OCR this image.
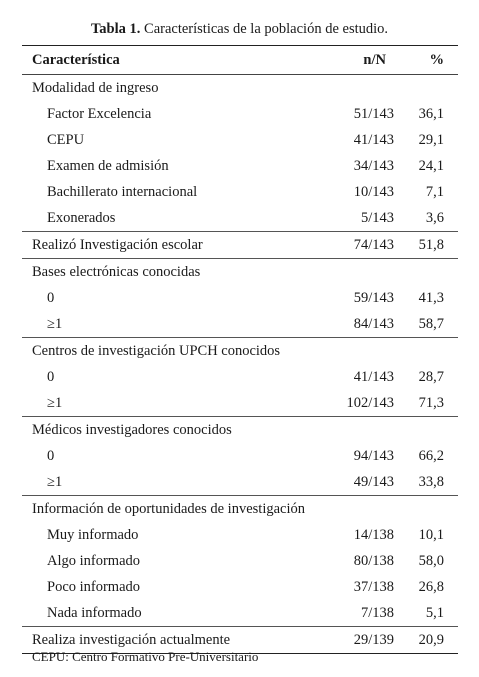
Tabla 1. Características de la población de estudio.
Característica	n/N	%
Modalidad de ingreso
Factor Excelencia	51/143 36,1
CEPU	41/143 29,1
Examen de admisión	34/143 24,1
Bachillerato internacional	10/143 7,1
Exonerados	5/143 3,6
Realizó Investigación escolar	74/143 51,8
Bases electrónicas conocidas
0	59/143 41,3
≥1	84/143 58,7
Centros de investigación UPCH conocidos
0	41/143 28,7
≥1	102/143 71,3
Médicos investigadores conocidos
0	94/143 66,2
≥1	49/143 33,8
Información de oportunidades de investigación
Muy informado	14/138 10,1
Algo informado	80/138 58,0
Poco informado	37/138 26,8
Nada informado	7/138 5,1
Realiza investigación actualmente	29/139 20,9
CEPU: Centro Formativo Pre-Universitario
